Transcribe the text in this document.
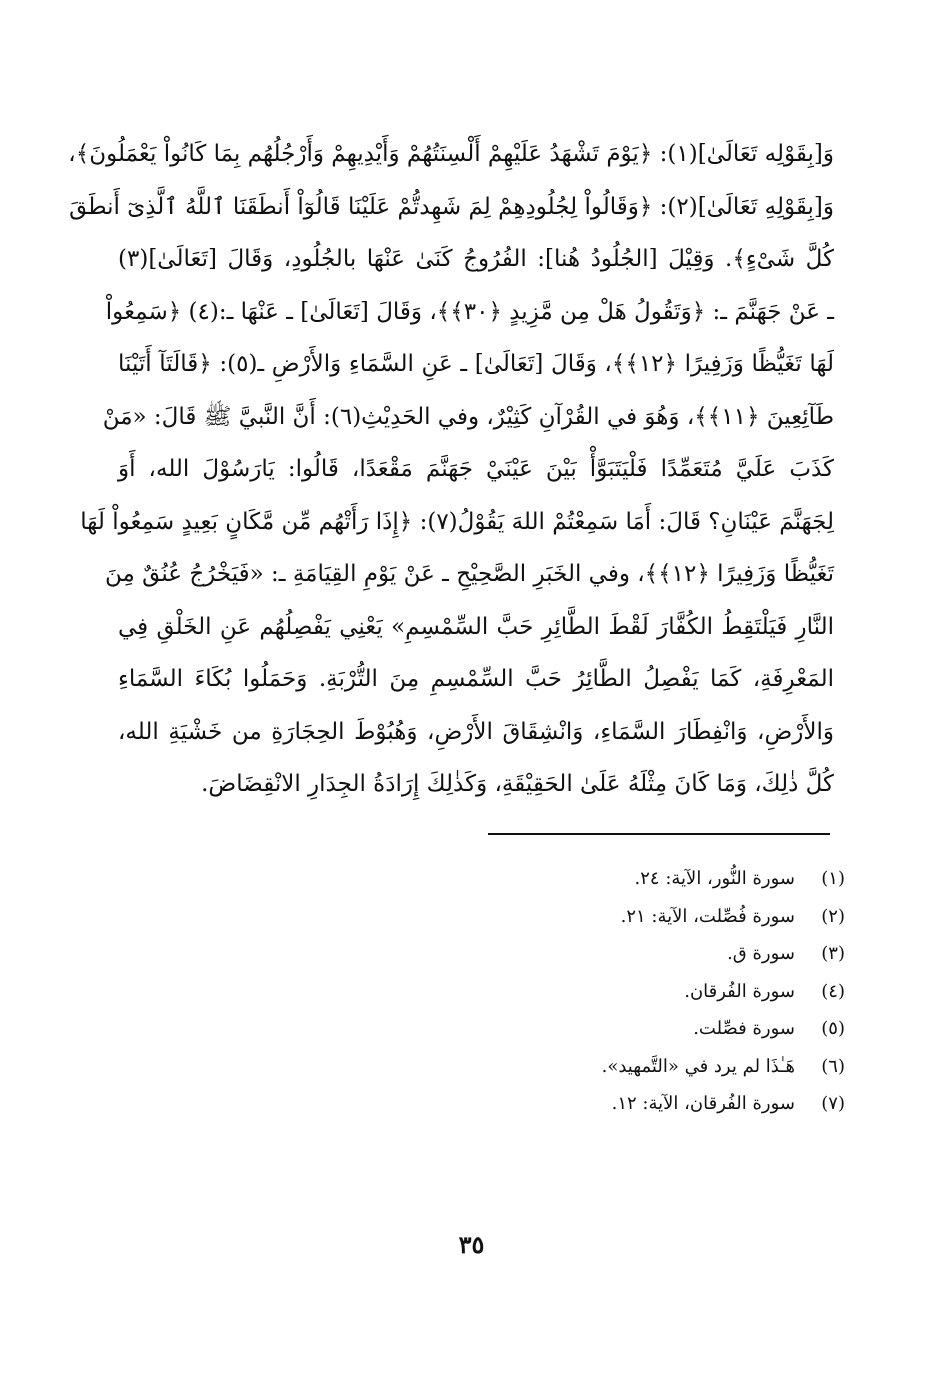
وَ[بِقَوْلِه تَعَالَىٰ](١): ﴿يَوْمَ تَشْهَدُ عَلَيْهِمْ أَلْسِنَتُهُمْ وَأَيْدِيهِمْ وَأَرْجُلُهُم بِمَا كَانُواْ يَعْمَلُونَ﴾،
وَ[بِقَوْلِهِ تَعَالَىٰ](٢): ﴿وَقَالُواْ لِجُلُودِهِمْ لِمَ شَهِدتُّمْ عَلَيْنَا قَالُوٓاْ أَنطَقَنَا ٱللَّهُ ٱلَّذِىٓ أَنطَقَ
كُلَّ شَىْءٍ﴾. وَقِيْلَ [الجُلُودُ هُنا]: الفُرُوجُ كَنَىٰ عَنْهَا بالجُلُودِ، وَقَالَ [تَعَالَىٰ](٣)
ـ عَنْ جَهَنَّمَ ـ: ﴿وَتَقُولُ هَلْ مِن مَّزِيدٍ ﴿٣٠﴾﴾، وَقَالَ [تَعَالَىٰ] ـ عَنْهَا ـ:(٤) ﴿سَمِعُواْ
لَهَا تَغَيُّظًا وَزَفِيرًا ﴿١٢﴾﴾، وَقَالَ [تَعَالَىٰ] ـ عَنِ السَّمَاءِ وَالأَرْضِ ـ(٥): ﴿قَالَتَآ أَتَيْنَا
طَآئِعِينَ ﴿١١﴾﴾، وَهُوَ في القُرْآنِ كَثِيْرٌ، وفي الحَدِيْثِ(٦): أَنَّ النَّبيَّ ﷺ قَالَ: «مَنْ
كَذَبَ عَلَيَّ مُتَعَمِّدًا فَلْيَتَبَوَّأْ بَيْنَ عَيْنَيْ جَهَنَّمَ مَقْعَدًا، قَالُوا: يَارَسُوْلَ الله، أَوَ
لِجَهَنَّمَ عَيْنَانِ؟ قَالَ: أَمَا سَمِعْتُمْ اللهَ يَقُوْلُ(٧): ﴿إِذَا رَأَتْهُم مِّن مَّكَانٍ بَعِيدٍ سَمِعُواْ لَهَا
تَغَيُّظًا وَزَفِيرًا ﴿١٢﴾﴾، وفي الخَبَرِ الصَّحِيْحِ ـ عَنْ يَوْمِ القِيَامَةِ ـ: «فَيَخْرُجُ عُنُقٌ مِنَ
النَّارِ فَيَلْتَقِطُ الكُفَّارَ لَقْطَ الطَّائِرِ حَبَّ السِّمْسِمِ» يَعْنِي يَفْصِلُهُم عَنِ الخَلْقِ فِي
المَعْرِفَةِ، كَمَا يَفْصِلُ الطَّائِرُ حَبَّ السِّمْسِمِ مِنَ التُّرْبَةِ. وَحَمَلُوا بُكَاءَ السَّمَاءِ
وَالأَرْضِ، وَانْفِطَارَ السَّمَاءِ، وَانْشِقَاقَ الأَرْضِ، وَهُبُوْطَ الحِجَارَةِ من خَشْيَةِ الله،
كُلَّ ذٰلِكَ، وَمَا كَانَ مِثْلَهُ عَلَىٰ الحَقِيْقَةِ، وَكَذٰلِكَ إِرَادَةُ الجِدَارِ الانْقِضَاضَ.
(١)
سورة النُّور، الآية: ٢٤.
(٢)
سورة فُصِّلت، الآية: ٢١.
(٣)
سورة ق.
(٤)
سورة الفُرقان.
(٥)
سورة فصِّلت.
(٦)
هَـٰذَا لم يرد في «التَّمهيد».
(٧)
سورة الفُرقان، الآية: ١٢.
٣٥
